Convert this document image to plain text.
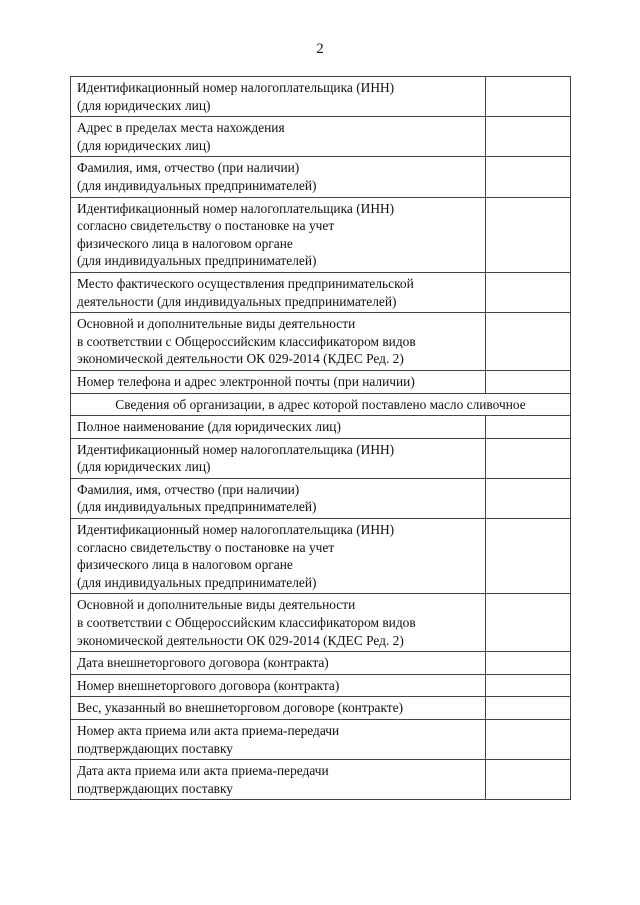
2
Идентификационный номер налогоплательщика (ИНН)
(для юридических лиц)	

Адрес в пределах места нахождения
(для юридических лиц)	

Фамилия, имя, отчество (при наличии)
(для индивидуальных предпринимателей)	

Идентификационный номер налогоплательщика (ИНН)
согласно свидетельству о постановке на учет
физического лица в налоговом органе
(для индивидуальных предпринимателей)	

Место фактического осуществления предпринимательской
деятельности (для индивидуальных предпринимателей)	

Основной и дополнительные виды деятельности
в соответствии с Общероссийским классификатором видов
экономической деятельности ОК 029-2014 (КДЕС Ред. 2)	

Номер телефона и адрес электронной почты (при наличии)	

Сведения об организации, в адрес которой поставлено масло сливочное	

Полное наименование (для юридических лиц)	

Идентификационный номер налогоплательщика (ИНН)
(для юридических лиц)	

Фамилия, имя, отчество (при наличии)
(для индивидуальных предпринимателей)	

Идентификационный номер налогоплательщика (ИНН)
согласно свидетельству о постановке на учет
физического лица в налоговом органе
(для индивидуальных предпринимателей)	

Основной и дополнительные виды деятельности
в соответствии с Общероссийским классификатором видов
экономической деятельности ОК 029-2014 (КДЕС Ред. 2)	

Дата внешнеторгового договора (контракта)	

Номер внешнеторгового договора (контракта)	

Вес, указанный во внешнеторговом договоре (контракте)	

Номер акта приема или акта приема-передачи
подтверждающих поставку	

Дата акта приема или акта приема-передачи
подтверждающих поставку	
